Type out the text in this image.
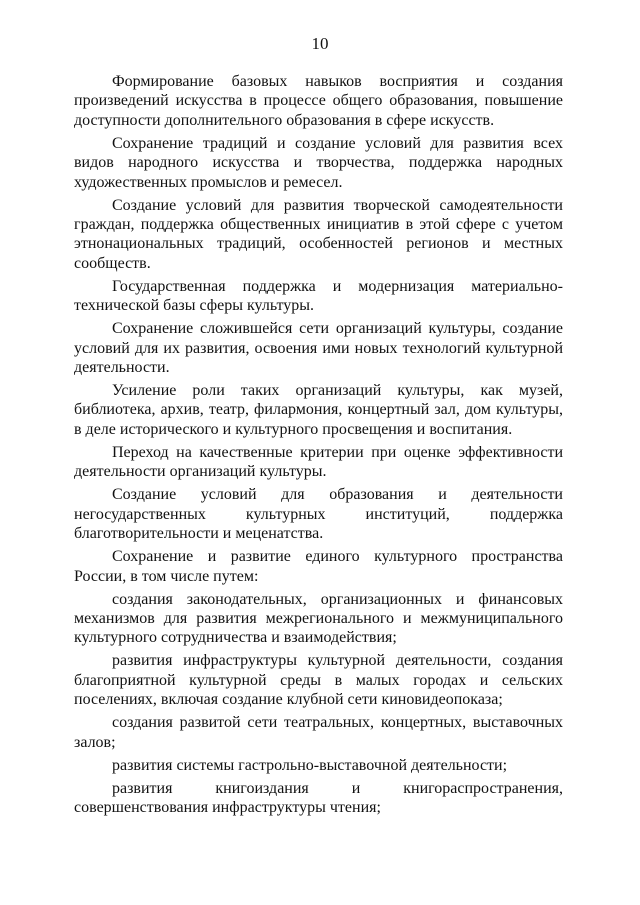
10

Формирование базовых навыков восприятия и создания произведений искусства в процессе общего образования, повышение доступности дополнительного образования в сфере искусств.

Сохранение традиций и создание условий для развития всех видов народного искусства и творчества, поддержка народных художественных промыслов и ремесел.

Создание условий для развития творческой самодеятельности граждан, поддержка общественных инициатив в этой сфере с учетом этнонациональных традиций, особенностей регионов и местных сообществ.

Государственная поддержка и модернизация материально-технической базы сферы культуры.

Сохранение сложившейся сети организаций культуры, создание условий для их развития, освоения ими новых технологий культурной деятельности.

Усиление роли таких организаций культуры, как музей, библиотека, архив, театр, филармония, концертный зал, дом культуры, в деле исторического и культурного просвещения и воспитания.

Переход на качественные критерии при оценке эффективности деятельности организаций культуры.

Создание условий для образования и деятельности негосударственных культурных институций, поддержка благотворительности и меценатства.

Сохранение и развитие единого культурного пространства России, в том числе путем:

создания законодательных, организационных и финансовых механизмов для развития межрегионального и межмуниципального культурного сотрудничества и взаимодействия;

развития инфраструктуры культурной деятельности, создания благоприятной культурной среды в малых городах и сельских поселениях, включая создание клубной сети киновидеопоказа;

создания развитой сети театральных, концертных, выставочных залов;

развития системы гастрольно-выставочной деятельности;

развития книгоиздания и книгораспространения, совершенствования инфраструктуры чтения;
